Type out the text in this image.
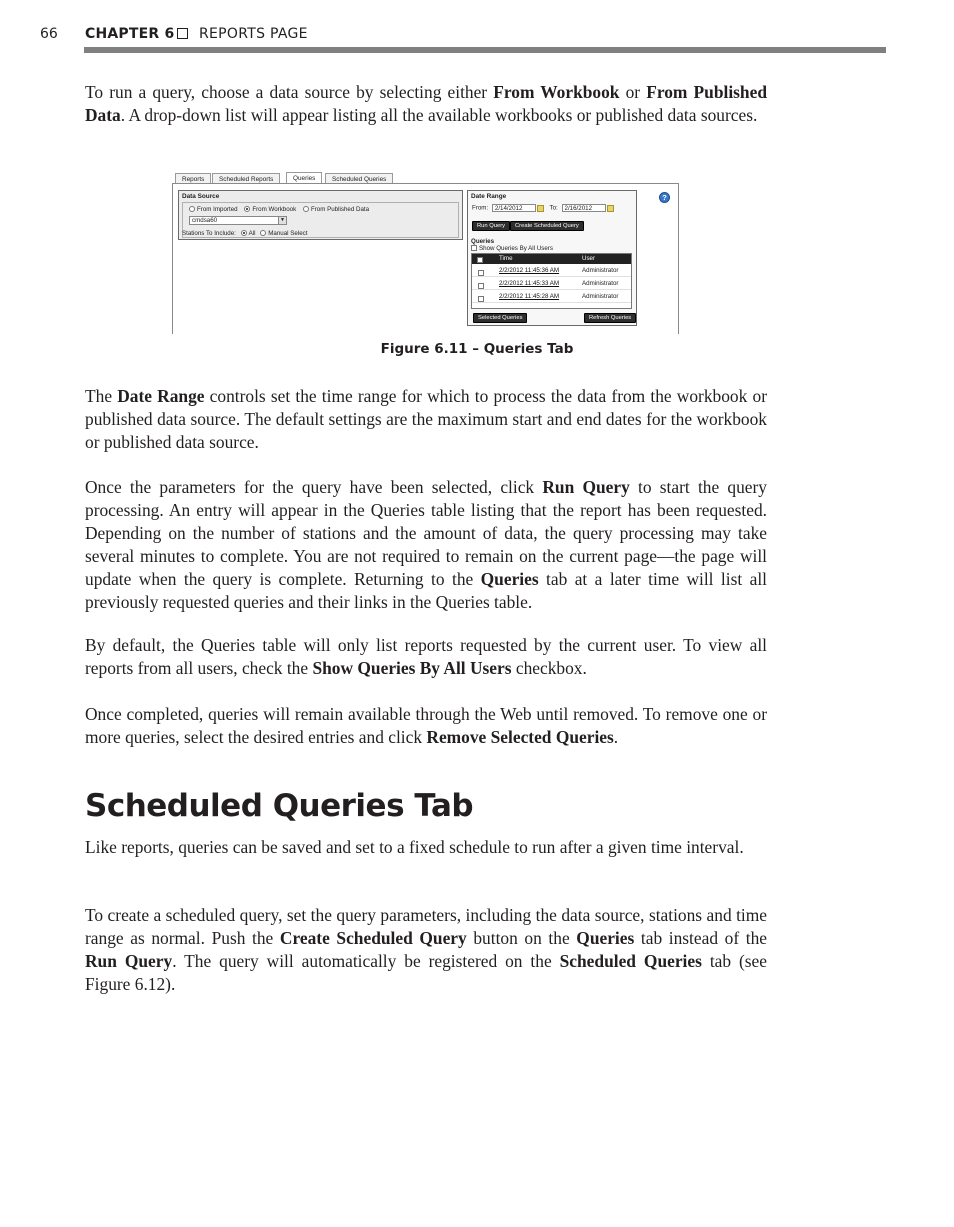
66 CHAPTER 6 REPORTS PAGE

To run a query, choose a data source by selecting either From Workbook or From Published Data. A drop-down list will appear listing all the available workbooks or published data sources.

Reports	Scheduled Reports	Queries	Scheduled Queries
Data Source
From Imported From Workbook From Published Data
cmdsa60	▼
Stations To Include: All Manual Select
Date Range
From: 2/14/2012	To: 2/16/2012
Run Query	Create Scheduled Query
Queries
Show Queries By All Users
Time	User
2/2/2012 11:45:36 AM	Administrator
2/2/2012 11:45:33 AM	Administrator
2/2/2012 11:45:28 AM	Administrator
Selected Queries	Refresh Queries
?
Figure 6.11 – Queries Tab

The Date Range controls set the time range for which to process the data from the workbook or published data source. The default settings are the maximum start and end dates for the workbook or published data source.

Once the parameters for the query have been selected, click Run Query to start the query processing. An entry will appear in the Queries table listing that the report has been requested. Depending on the number of stations and the amount of data, the query processing may take several minutes to complete. You are not required to remain on the current page—the page will update when the query is complete. Returning to the Queries tab at a later time will list all previously requested queries and their links in the Queries table.

By default, the Queries table will only list reports requested by the current user. To view all reports from all users, check the Show Queries By All Users checkbox.

Once completed, queries will remain available through the Web until removed. To remove one or more queries, select the desired entries and click Remove Selected Queries.

Scheduled Queries Tab

Like reports, queries can be saved and set to a fixed schedule to run after a given time interval.

To create a scheduled query, set the query parameters, including the data source, stations and time range as normal. Push the Create Scheduled Query button on the Queries tab instead of the Run Query. The query will automatically be registered on the Scheduled Queries tab (see Figure 6.12).
